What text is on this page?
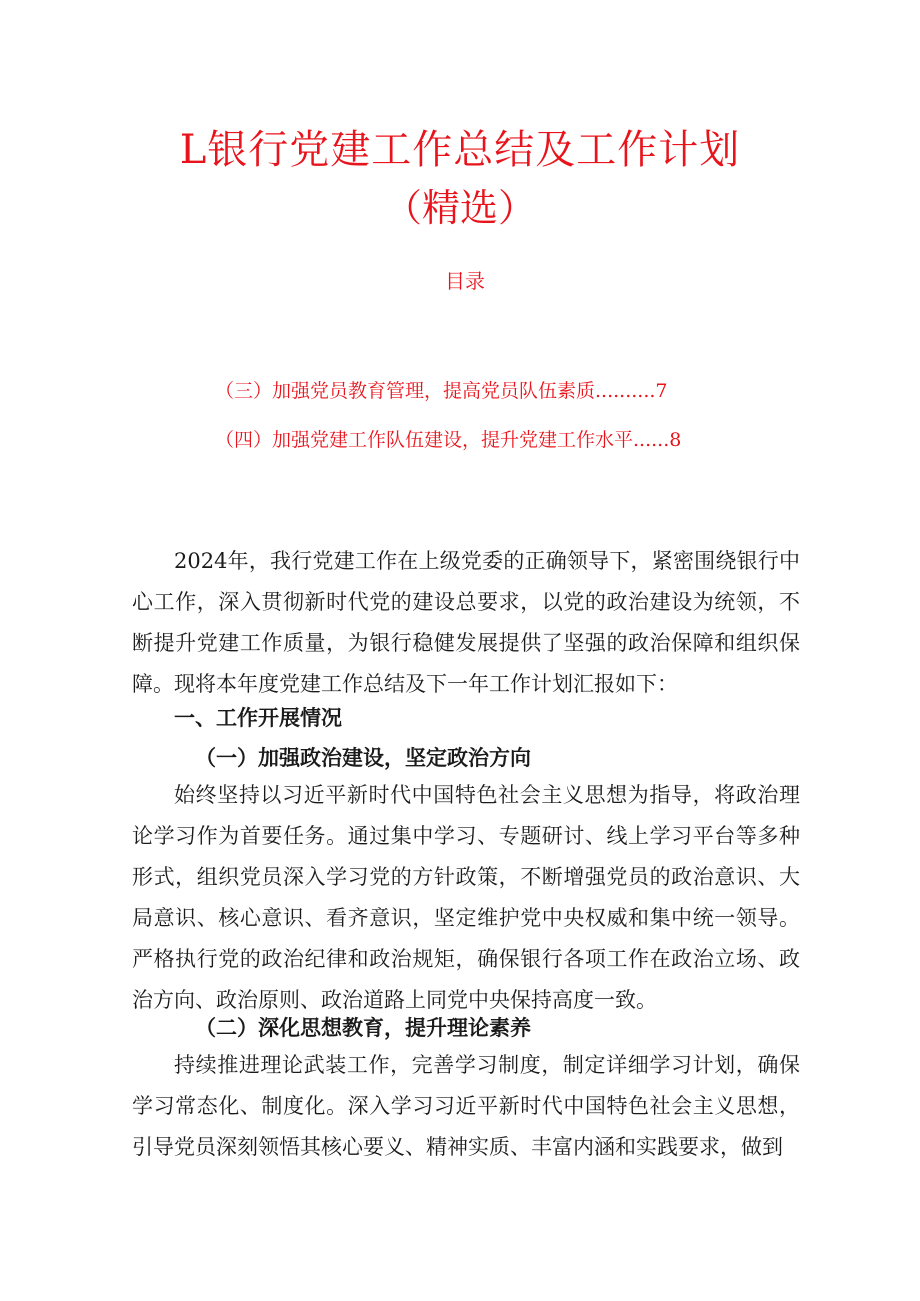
L银行党建工作总结及工作计划
（精选）
目录
（三）加强党员教育管理，提高党员队伍素质..........7
（四）加强党建工作队伍建设，提升党建工作水平......8

2024年，我行党建工作在上级党委的正确领导下，紧密围绕银行中心工作，深入贯彻新时代党的建设总要求，以党的政治建设为统领，不断提升党建工作质量，为银行稳健发展提供了坚强的政治保障和组织保障。现将本年度党建工作总结及下一年工作计划汇报如下：

一、工作开展情况
（一）加强政治建设，坚定政治方向

始终坚持以习近平新时代中国特色社会主义思想为指导，将政治理论学习作为首要任务。通过集中学习、专题研讨、线上学习平台等多种形式，组织党员深入学习党的方针政策，不断增强党员的政治意识、大局意识、核心意识、看齐意识，坚定维护党中央权威和集中统一领导。严格执行党的政治纪律和政治规矩，确保银行各项工作在政治立场、政治方向、政治原则、政治道路上同党中央保持高度一致。

（二）深化思想教育，提升理论素养

持续推进理论武装工作，完善学习制度，制定详细学习计划，确保学习常态化、制度化。深入学习习近平新时代中国特色社会主义思想，引导党员深刻领悟其核心要义、精神实质、丰富内涵和实践要求，做到
